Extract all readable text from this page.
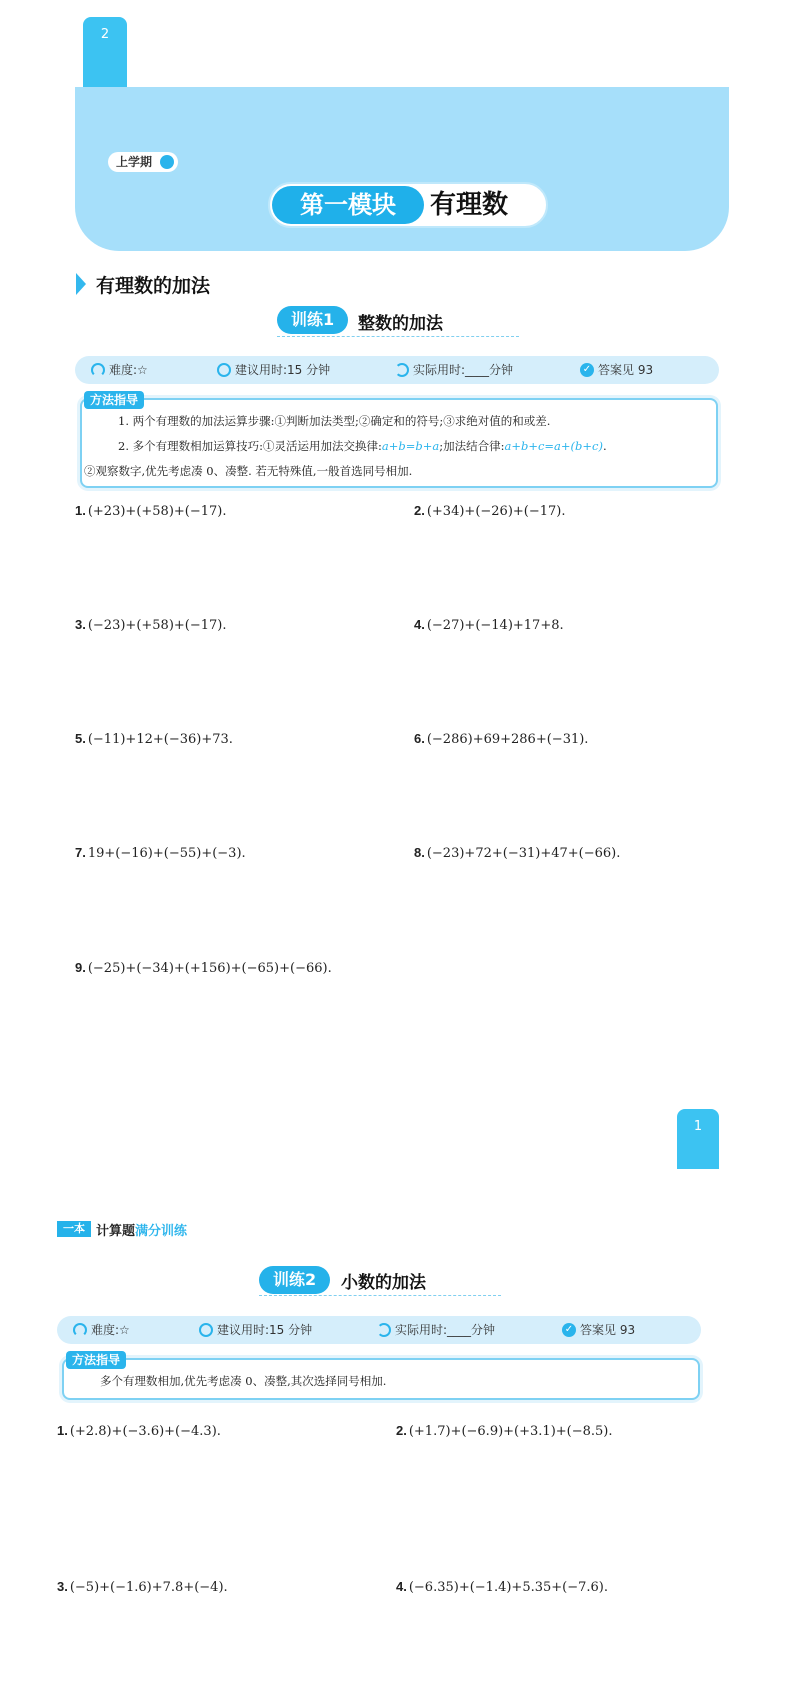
2
上学期
第一模块	有理数
有理数的加法
训练1	整数的加法
难度:☆	建议用时:15 分钟	实际用时:____分钟	✓ 答案见 93
方法指导
1. 两个有理数的加法运算步骤:①判断加法类型;②确定和的符号;③求绝对值的和或差.
2. 多个有理数相加运算技巧:①灵活运用加法交换律:a+b=b+a;加法结合律:a+b+c=a+(b+c).
②观察数字,优先考虑凑 0、凑整. 若无特殊值,一般首选同号相加.
1. (+23)+(+58)+(−17).	2. (+34)+(−26)+(−17).
3. (−23)+(+58)+(−17).	4. (−27)+(−14)+17+8.
5. (−11)+12+(−36)+73.	6. (−286)+69+286+(−31).
7. 19+(−16)+(−55)+(−3).	8. (−23)+72+(−31)+47+(−66).
9. (−25)+(−34)+(+156)+(−65)+(−66).
1
一本 计算题满分训练
训练2	小数的加法
难度:☆	建议用时:15 分钟	实际用时:____分钟	✓ 答案见 93
方法指导
多个有理数相加,优先考虑凑 0、凑整,其次选择同号相加.
1. (+2.8)+(−3.6)+(−4.3).	2. (+1.7)+(−6.9)+(+3.1)+(−8.5).
3. (−5)+(−1.6)+7.8+(−4).	4. (−6.35)+(−1.4)+5.35+(−7.6).
